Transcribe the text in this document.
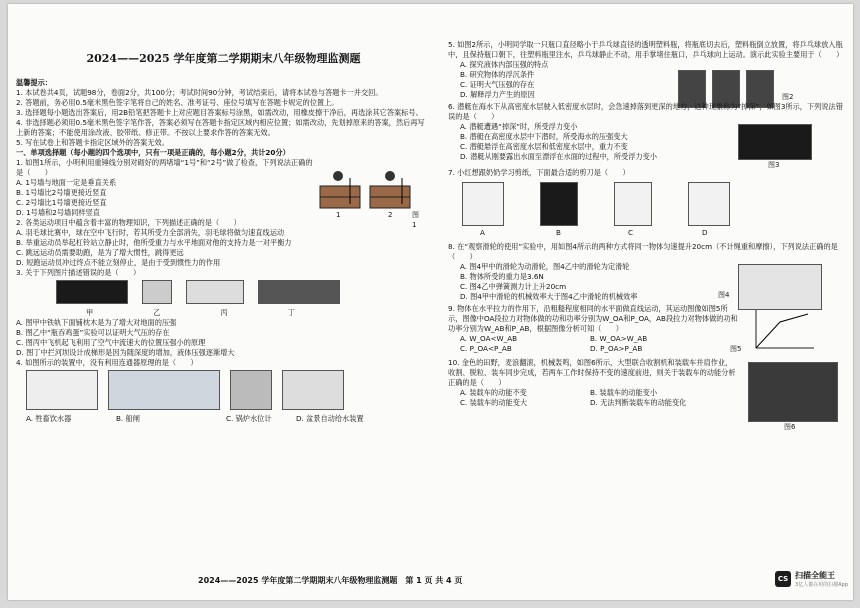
2024——2025 学年度第二学期期末八年级物理监测题

温馨提示：

1. 本试卷共4页，试题98分，卷面2分，共100分；考试时间90分钟，考试结束后，请将本试卷与答题卡一并交回。

2. 答题前，务必用0.5毫米黑色签字笔将自己的姓名、准考证号、座位号填写在答题卡规定的位置上。

3. 选择题每小题选出答案后，用2B铅笔把答题卡上对应题目答案标号涂黑，如需改动，用橡皮擦干净后，再选涂其它答案标号。

4. 非选择题必须用0.5毫米黑色签字笔作答，答案必须写在答题卡指定区域内相应位置；如需改动，先划掉原来的答案，然后再写上新的答案；不能使用涂改液、胶带纸、修正带。不按以上要求作答的答案无效。

5. 写在试卷上和答题卡指定区域外的答案无效。

一、单项选择题（每小题的四个选项中，只有一项是正确的，每小题2分，共计20分）

1. 如图1所示，小明利用重锤线分别对砌好的两堵墙“1号”和“2号”做了检查，下列说法正确的是（　　）

A. 1号墙与地面一定是垂直关系

B. 1号墙比2号墙更接近竖直

C. 2号墙比1号墙更接近竖直

D. 1号墙和2号墙同样竖直	1	2	图1

2. 各类运动项目中蕴含着丰富的物理知识，下列描述正确的是（　　）

A. 羽毛球比赛中，球在空中飞行时，若其所受力全部消失，羽毛球将做匀速直线运动

B. 举重运动员举起杠铃站立静止时，他所受重力与水平地面对他的支持力是一对平衡力

C. 跳远运动员需要助跑，是为了增大惯性，跳得更远

D. 短跑运动员冲过终点不能立刻停止，是由于受到惯性力的作用

3. 关于下列图片描述错误的是（　　）

甲	乙	丙	丁

A. 图甲中铁轨下面铺枕木是为了增大对地面的压强

B. 图乙中“瓶吞鸡蛋”实验可以证明大气压的存在

C. 图丙中飞机起飞利用了空气中流速大的位置压强小的原理

D. 图丁中拦河坝设计成梯形是因为随深度的增加，液体压强逐渐增大

4. 如图所示的装置中，没有利用连通器原理的是（　　）

A. 牲畜饮水器	B. 船闸	C. 锅炉水位计	D. 盆景自动给水装置

5. 如图2所示，小明同学取一只瓶口直径略小于乒乓球直径的透明塑料瓶，将瓶底切去后，塑料瓶倒立放置，将乒乓球放入瓶中，且保持瓶口朝下，往塑料瓶里注水，乒乓球静止不动，用手掌堵住瓶口，乒乓球向上运动。演示此实验主要用于（　　）

A. 探究液体内部压强的特点

B. 研究物体的浮沉条件

C. 证明大气压强的存在

D. 解释浮力产生的原因	图2

6. 潜艇在海水下从高密度水层驶入低密度水层时，会急速掉落到更深的地方，这种现象称为“掉深”，如图3所示，下列说法错误的是（　　）

A. 潜艇遭遇“掉深”时，所受浮力变小

B. 潜艇在高密度水层中下潜时，所受海水的压强变大

C. 潜艇悬浮在高密度水层和低密度水层中，重力不变

D. 潜艇从刚要露出水面至漂浮在水面的过程中，所受浮力变小

图3

7. 小红想跟奶奶学习剪纸，下面最合适的剪刀是（　　）

A	B	C	D

8. 在“观察滑轮的使用”实验中，用如图4所示的两种方式将同一物体匀速提升20cm（不计绳重和摩擦），下列说法正确的是（　　）

A. 图4甲中的滑轮为动滑轮，图4乙中的滑轮为定滑轮

B. 物体所受的重力是3.6N

C. 图4乙中弹簧测力计上升20cm

D. 图4甲中滑轮的机械效率大于图4乙中滑轮的机械效率	图4

9. 物体在水平拉力的作用下，沿粗糙程度相同的水平面做直线运动，其运动图像如图5所示，图像中OA段拉力对物体做的功和功率分别为W_OA和P_OA，AB段拉力对物体做的功和功率分别为W_AB和P_AB，根据图像分析可知（　　）

A. W_OA<W_AB	B. W_OA>W_AB
C. P_OA<P_AB	D. P_OA>P_AB	图5

10. 金色的田野，麦浪翻滚，机械轰鸣，如图6所示，大型联合收割机和装载车并肩作业，收割、脱粒、装车同步完成，若两车工作时保持不变的速度前进，则关于装载车的动能分析正确的是（　　）

A. 装载车的动能不变	B. 装载车的动能变小
C. 装载车的动能变大	D. 无法判断装载车的动能变化
图6
2024——2025 学年度第二学期期末八年级物理监测题　第 1 页 共 4 页	CS 扫描全能王
3亿人都在用的扫描App
